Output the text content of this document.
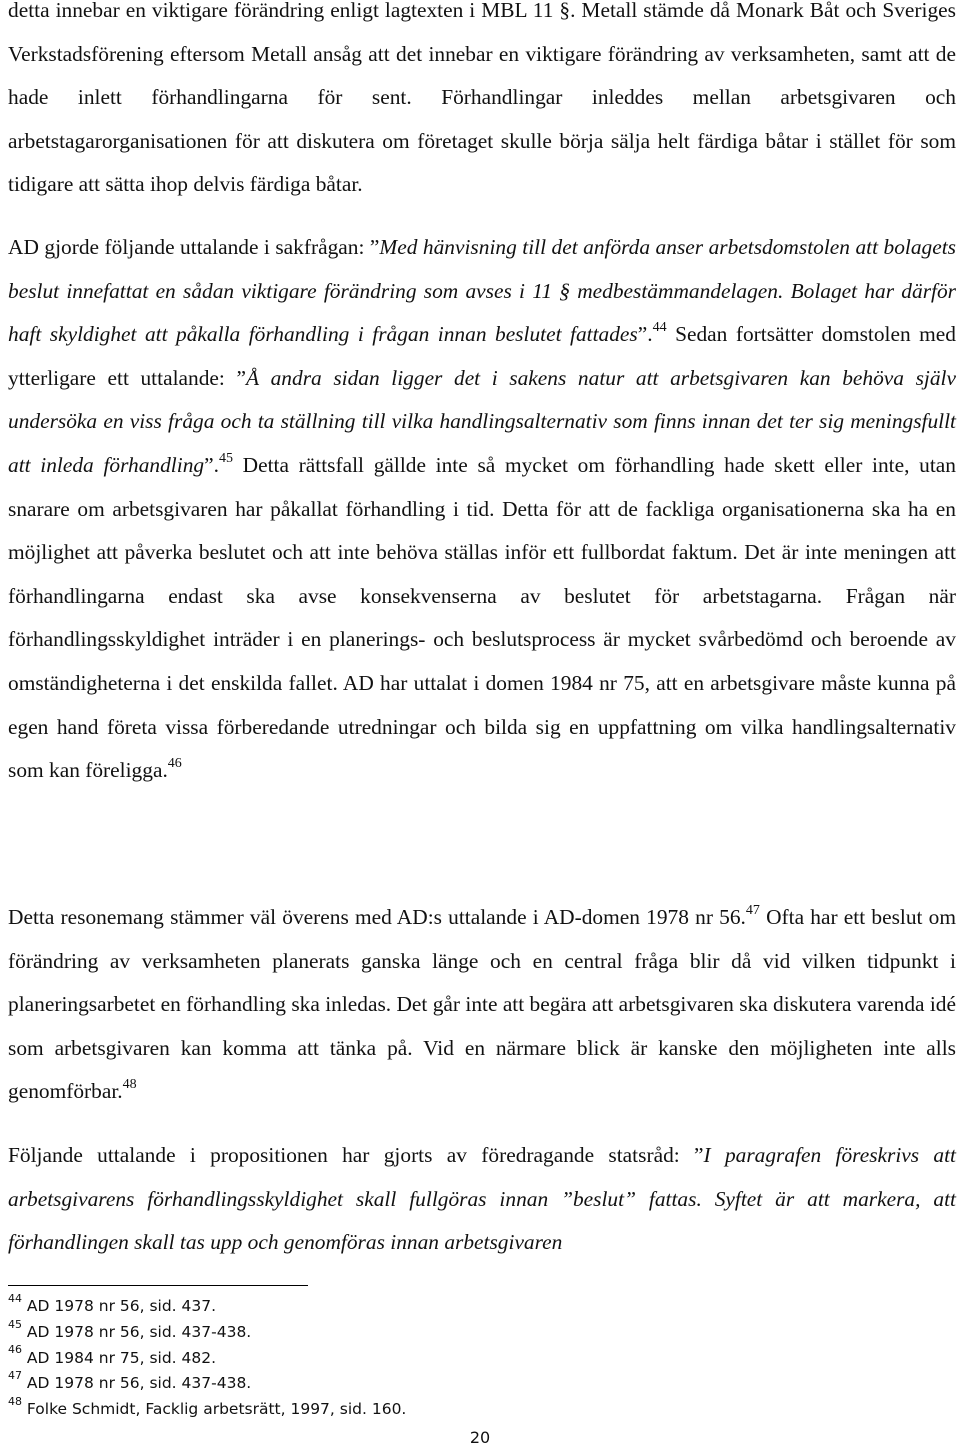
detta innebar en viktigare förändring enligt lagtexten i MBL 11 §. Metall stämde då Monark Båt och Sveriges Verkstadsförening eftersom Metall ansåg att det innebar en viktigare förändring av verksamheten, samt att de hade inlett förhandlingarna för sent. Förhandlingar inleddes mellan arbetsgivaren och arbetstagarorganisationen för att diskutera om företaget skulle börja sälja helt färdiga båtar i stället för som tidigare att sätta ihop delvis färdiga båtar.

AD gjorde följande uttalande i sakfrågan: ”Med hänvisning till det anförda anser arbetsdomstolen att bolagets beslut innefattat en sådan viktigare förändring som avses i 11 § medbestämmandelagen. Bolaget har därför haft skyldighet att påkalla förhandling i frågan innan beslutet fattades”.$^{44}$ Sedan fortsätter domstolen med ytterligare ett uttalande: ”Å andra sidan ligger det i sakens natur att arbetsgivaren kan behöva själv undersöka en viss fråga och ta ställning till vilka handlingsalternativ som finns innan det ter sig meningsfullt att inleda förhandling”.$^{45}$ Detta rättsfall gällde inte så mycket om förhandling hade skett eller inte, utan snarare om arbetsgivaren har påkallat förhandling i tid. Detta för att de fackliga organisationerna ska ha en möjlighet att påverka beslutet och att inte behöva ställas inför ett fullbordat faktum. Det är inte meningen att förhandlingarna endast ska avse konsekvenserna av beslutet för arbetstagarna. Frågan när förhandlingsskyldighet inträder i en planerings- och beslutsprocess är mycket svårbedömd och beroende av omständigheterna i det enskilda fallet. AD har uttalat i domen 1984 nr 75, att en arbetsgivare måste kunna på egen hand företa vissa förberedande utredningar och bilda sig en uppfattning om vilka handlingsalternativ som kan föreligga.$^{46}$

Detta resonemang stämmer väl överens med AD:s uttalande i AD-domen 1978 nr 56.47 Ofta har ett beslut om förändring av verksamheten planerats ganska länge och en central fråga blir då vid vilken tidpunkt i planeringsarbetet en förhandling ska inledas. Det går inte att begära att arbetsgivaren ska diskutera varenda idé som arbetsgivaren kan komma att tänka på. Vid en närmare blick är kanske den möjligheten inte alls genomförbar.$^{48}$

Följande uttalande i propositionen har gjorts av föredragande statsråd: ”I paragrafen föreskrivs att arbetsgivarens förhandlingsskyldighet skall fullgöras innan ”beslut” fattas. Syftet är att markera, att förhandlingen skall tas upp och genomföras innan arbetsgivaren

$^{44}$ AD 1978 nr 56, sid. 437.
$^{45}$ AD 1978 nr 56, sid. 437-438.
$^{46}$ AD 1984 nr 75, sid. 482.
$^{47}$ AD 1978 nr 56, sid. 437-438.
$^{48}$ Folke Schmidt, Facklig arbetsrätt, 1997, sid. 160.
20
